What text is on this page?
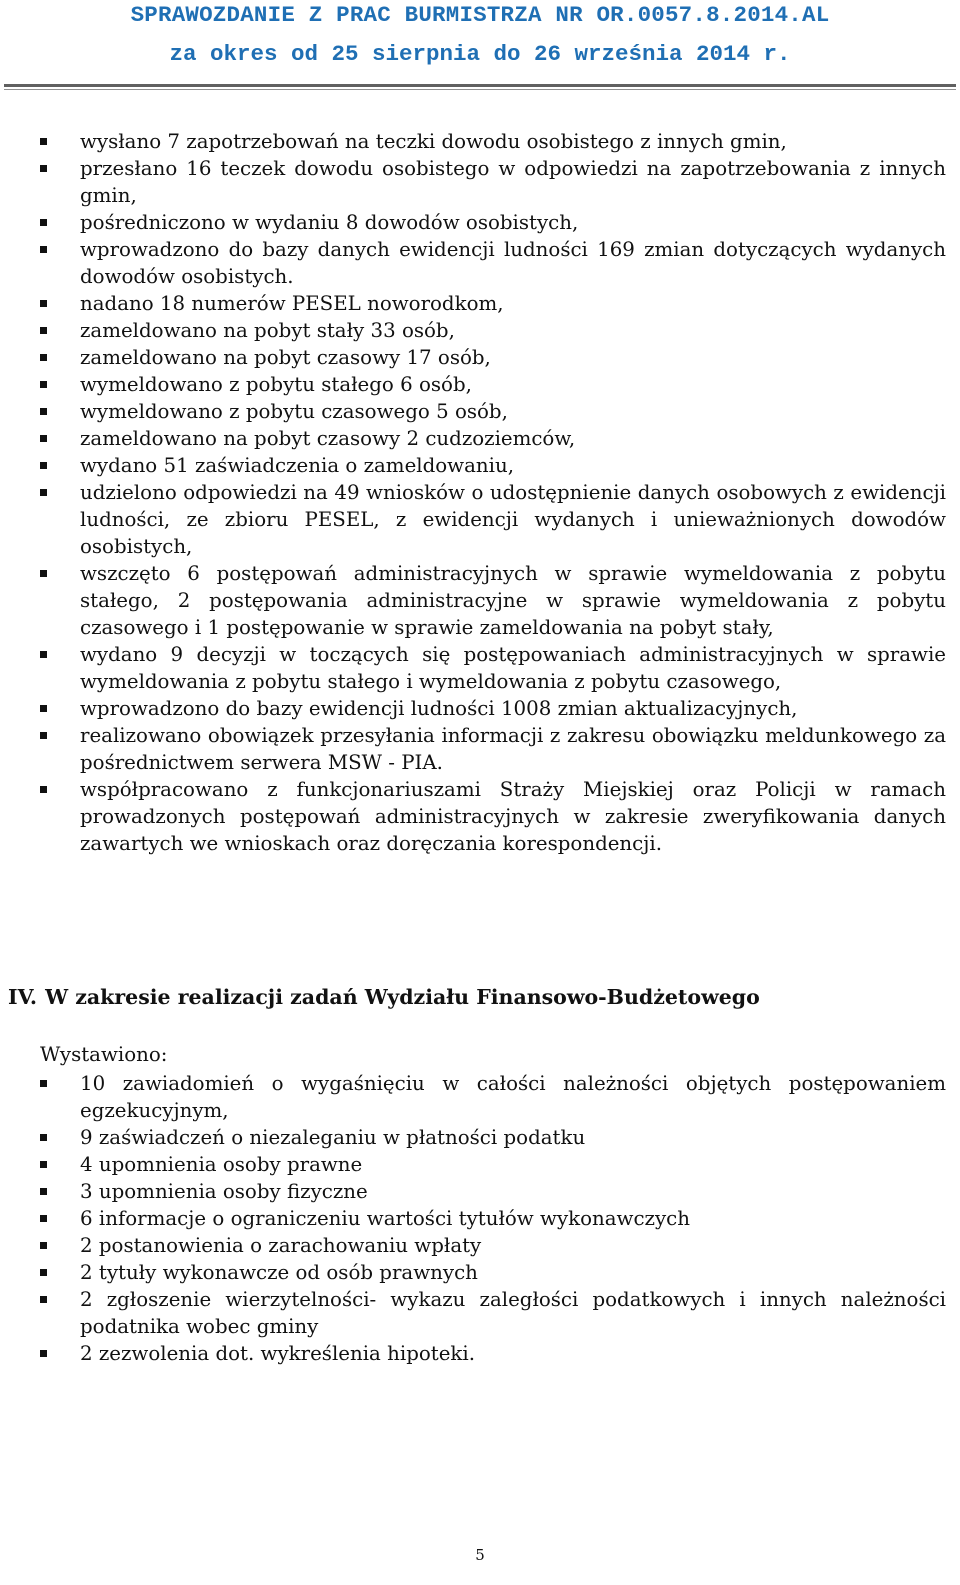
SPRAWOZDANIE Z PRAC BURMISTRZA NR OR.0057.8.2014.AL
za okres od 25 sierpnia do 26 września 2014 r.
wysłano 7 zapotrzebowań na teczki dowodu osobistego z innych gmin,
przesłano 16 teczek dowodu osobistego w odpowiedzi na zapotrzebowania z innych gmin,
pośredniczono w wydaniu 8 dowodów osobistych,
wprowadzono do bazy danych ewidencji ludności 169 zmian dotyczących wydanych dowodów osobistych.
nadano 18 numerów PESEL noworodkom,
zameldowano na pobyt stały 33 osób,
zameldowano na pobyt czasowy 17 osób,
wymeldowano z pobytu stałego 6 osób,
wymeldowano z pobytu czasowego 5 osób,
zameldowano na pobyt czasowy 2 cudzoziemców,
wydano 51 zaświadczenia o zameldowaniu,
udzielono odpowiedzi na 49 wniosków o udostępnienie danych osobowych z ewidencji ludności, ze zbioru PESEL, z ewidencji wydanych i unieważnionych dowodów osobistych,
wszczęto 6 postępowań administracyjnych w sprawie wymeldowania z pobytu stałego, 2 postępowania administracyjne w sprawie wymeldowania z pobytu czasowego i 1 postępowanie w sprawie zameldowania na pobyt stały,
wydano 9 decyzji w toczących się postępowaniach administracyjnych w sprawie wymeldowania z pobytu stałego i wymeldowania z pobytu czasowego,
wprowadzono do bazy ewidencji ludności 1008 zmian aktualizacyjnych,
realizowano obowiązek przesyłania informacji z zakresu obowiązku meldunkowego za pośrednictwem serwera MSW - PIA.
współpracowano z funkcjonariuszami Straży Miejskiej oraz Policji w ramach prowadzonych postępowań administracyjnych w zakresie zweryfikowania danych zawartych we wnioskach oraz doręczania korespondencji.
IV. W zakresie realizacji zadań Wydziału Finansowo-Budżetowego
Wystawiono:
10 zawiadomień o wygaśnięciu w całości należności objętych postępowaniem egzekucyjnym,
9 zaświadczeń o niezaleganiu w płatności podatku
4 upomnienia osoby prawne
3 upomnienia osoby fizyczne
6 informacje o ograniczeniu wartości tytułów wykonawczych
2 postanowienia o zarachowaniu wpłaty
2 tytuły wykonawcze od osób prawnych
2 zgłoszenie wierzytelności- wykazu zaległości podatkowych i innych należności podatnika wobec gminy
2 zezwolenia dot. wykreślenia hipoteki.
5
